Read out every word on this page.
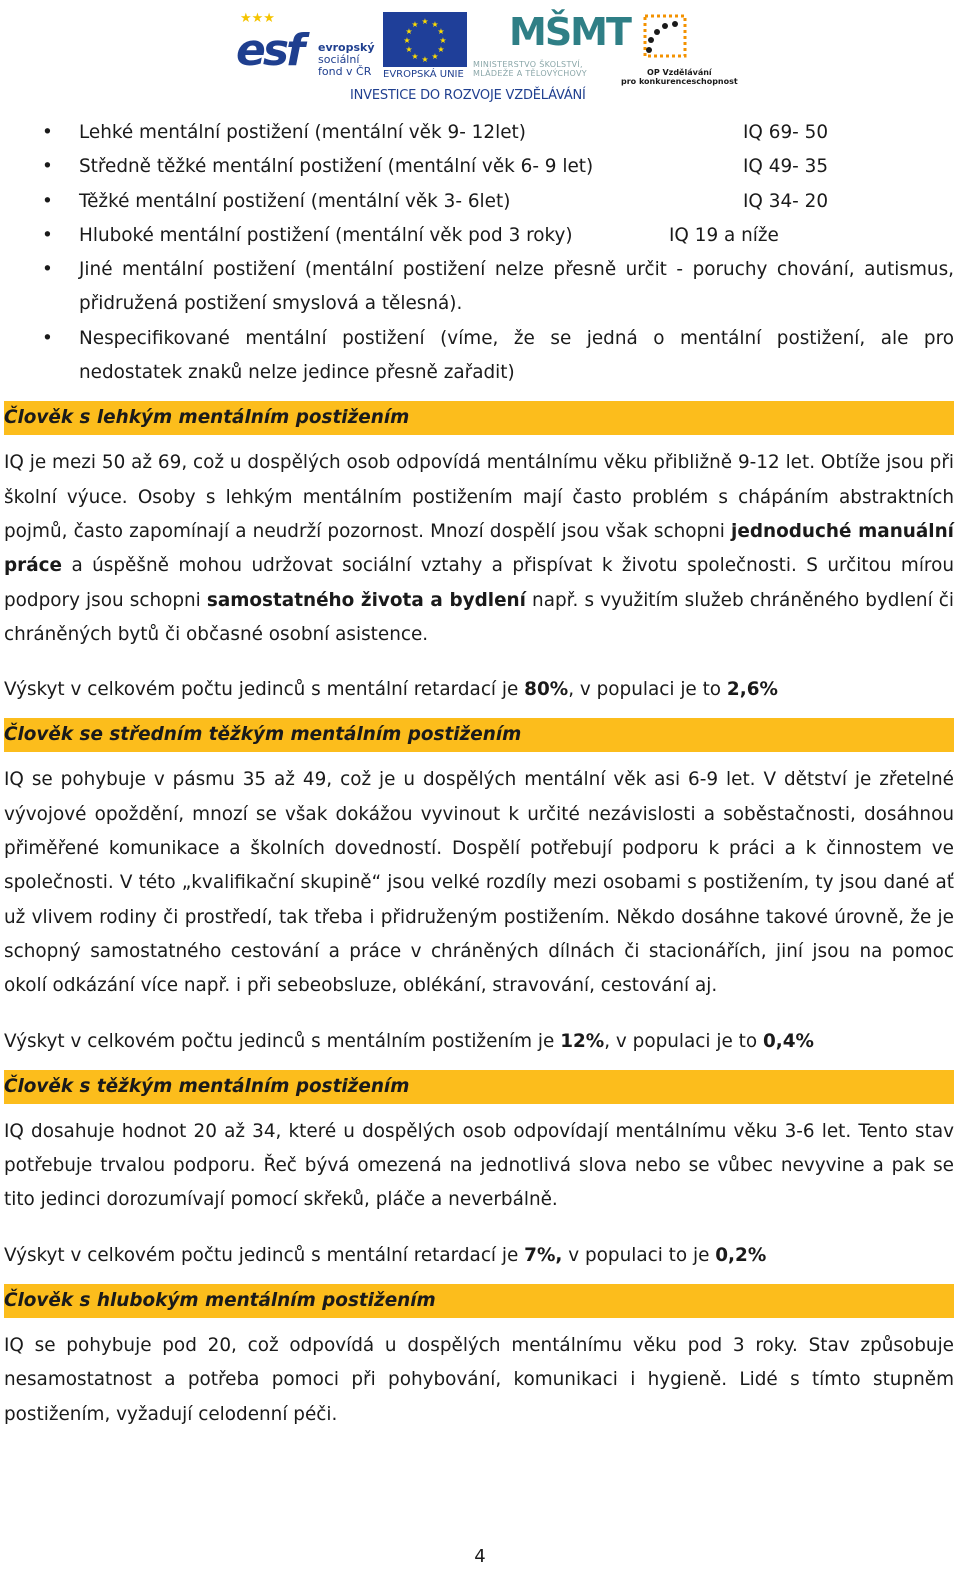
★★★
esf evropský
sociální
fond v ČR
★ ★
★
★
★
★
★
★
★
★
★
★
EVROPSKÁ UNIE
MŠMT
MINISTERSTVO ŠKOLSTVÍ,
MLÁDEŽE A TĚLOVÝCHOVY	OP Vzdělávání
pro konkurenceschopnost
INVESTICE DO ROZVOJE VZDĚLÁVÁNÍ
• Lehké mentální postižení (mentální věk 9- 12let)	IQ 69- 50
• Středně těžké mentální postižení (mentální věk 6- 9 let)	IQ 49- 35
• Těžké mentální postižení (mentální věk 3- 6let)	IQ 34- 20
• Hluboké mentální postižení (mentální věk pod 3 roky)	IQ 19 a níže
• Jiné mentální postižení (mentální postižení nelze přesně určit - poruchy chování, autismus, přidružená postižení smyslová a tělesná).
• Nespecifikované mentální postižení (víme, že se jedná o mentální postižení, ale pro nedostatek znaků nelze jedince přesně zařadit)
Člověk s lehkým mentálním postižením

IQ je mezi 50 až 69, což u dospělých osob odpovídá mentálnímu věku přibližně 9-12 let. Obtíže jsou při školní výuce. Osoby s lehkým mentálním postižením mají často problém s chápáním abstraktních pojmů, často zapomínají a neudrží pozornost. Mnozí dospělí jsou však schopni jednoduché manuální práce a úspěšně mohou udržovat sociální vztahy a přispívat k životu společnosti. S určitou mírou podpory jsou schopni samostatného života a bydlení např. s využitím služeb chráněného bydlení či chráněných bytů či občasné osobní asistence.

Výskyt v celkovém počtu jedinců s mentální retardací je 80%, v populaci je to 2,6%

Člověk se středním těžkým mentálním postižením

IQ se pohybuje v pásmu 35 až 49, což je u dospělých mentální věk asi 6-9 let. V dětství je zřetelné vývojové opoždění, mnozí se však dokážou vyvinout k určité nezávislosti a soběstačnosti, dosáhnou přiměřené komunikace a školních dovedností. Dospělí potřebují podporu k práci a k činnostem ve společnosti. V této „kvalifikační skupině“ jsou velké rozdíly mezi osobami s postižením, ty jsou dané ať už vlivem rodiny či prostředí, tak třeba i přidruženým postižením. Někdo dosáhne takové úrovně, že je schopný samostatného cestování a práce v chráněných dílnách či stacionářích, jiní jsou na pomoc okolí odkázání více např. i při sebeobsluze, oblékání, stravování, cestování aj.

Výskyt v celkovém počtu jedinců s mentálním postižením je 12%, v populaci je to 0,4%

Člověk s těžkým mentálním postižením

IQ dosahuje hodnot 20 až 34, které u dospělých osob odpovídají mentálnímu věku 3-6 let. Tento stav potřebuje trvalou podporu. Řeč bývá omezená na jednotlivá slova nebo se vůbec nevyvine a pak se tito jedinci dorozumívají pomocí skřeků, pláče a neverbálně.

Výskyt v celkovém počtu jedinců s mentální retardací je 7%, v populaci to je 0,2%

Člověk s hlubokým mentálním postižením

IQ se pohybuje pod 20, což odpovídá u dospělých mentálnímu věku pod 3 roky. Stav způsobuje nesamostatnost a potřeba pomoci při pohybování, komunikaci i hygieně. Lidé s tímto stupněm postižením, vyžadují celodenní péči.

4
